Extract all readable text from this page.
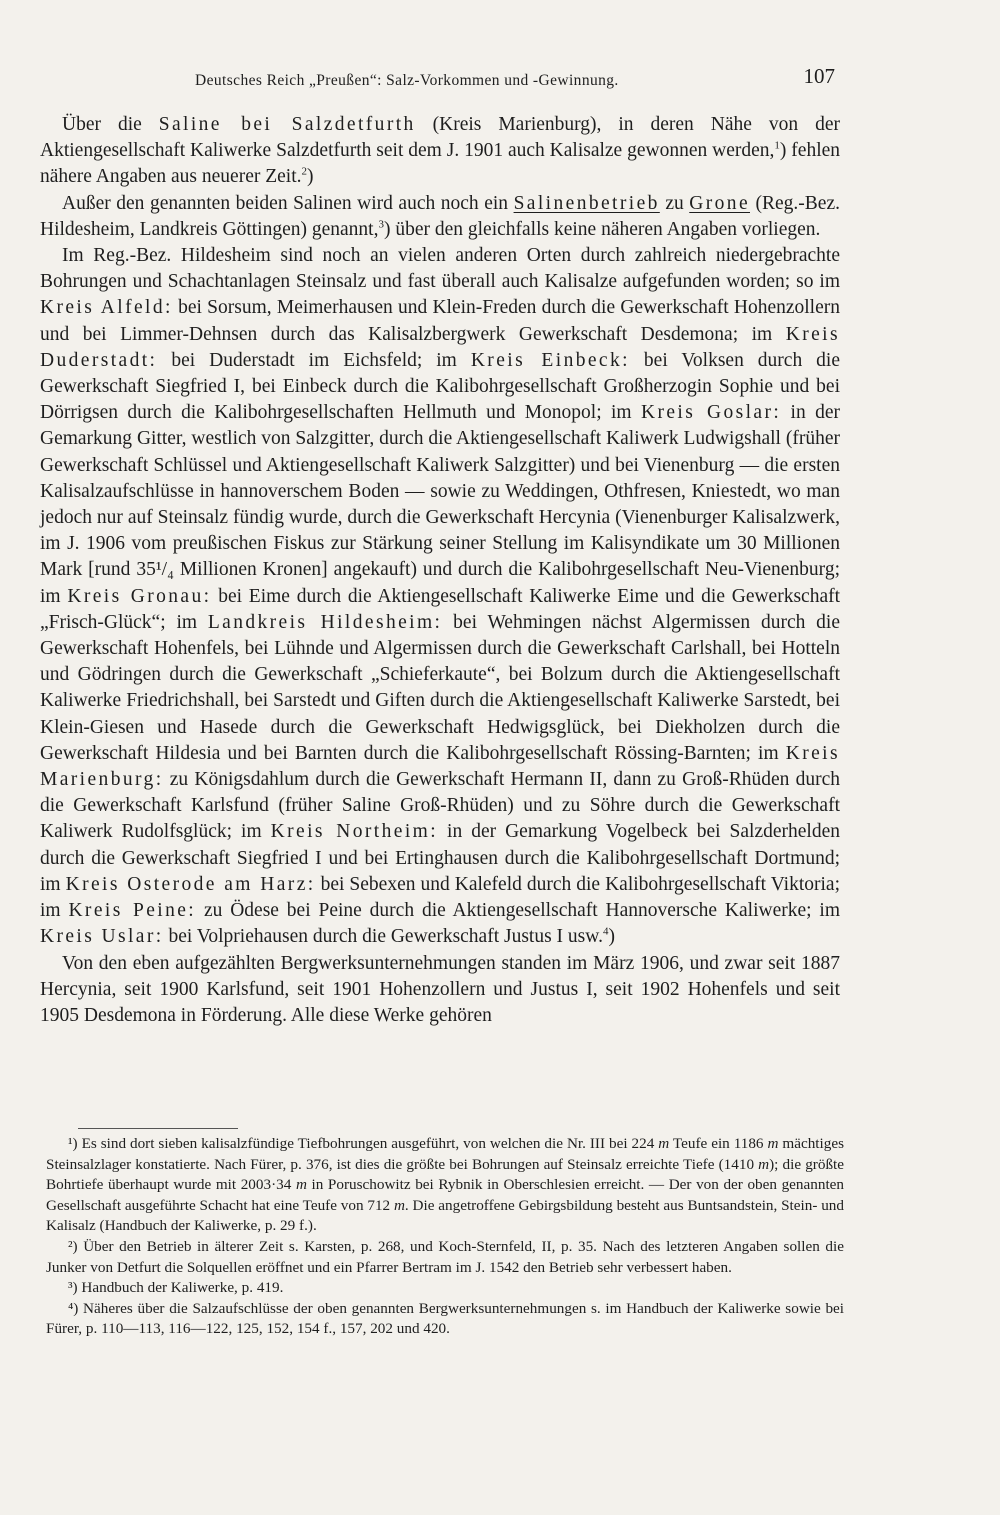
Deutsches Reich „Preußen“: Salz-Vorkommen und -Gewinnung.	107

Über die Saline bei Salzdetfurth (Kreis Marienburg), in deren Nähe von der Aktiengesellschaft Kaliwerke Salzdetfurth seit dem J. 1901 auch Kalisalze gewonnen werden,$^1$) fehlen nähere Angaben aus neuerer Zeit.$^2$)

Außer den genannten beiden Salinen wird auch noch ein Salinenbetrieb zu Grone (Reg.-Bez. Hildesheim, Landkreis Göttingen) genannt,$^3$) über den gleichfalls keine näheren Angaben vorliegen.

Im Reg.-Bez. Hildesheim sind noch an vielen anderen Orten durch zahlreich niedergebrachte Bohrungen und Schachtanlagen Steinsalz und fast überall auch Kalisalze aufgefunden worden; so im Kreis Alfeld: bei Sorsum, Meimerhausen und Klein-Freden durch die Gewerkschaft Hohenzollern und bei Limmer-Dehnsen durch das Kalisalzbergwerk Gewerkschaft Desdemona; im Kreis Duderstadt: bei Duderstadt im Eichsfeld; im Kreis Einbeck: bei Volksen durch die Gewerkschaft Siegfried I, bei Einbeck durch die Kalibohrgesellschaft Großherzogin Sophie und bei Dörrigsen durch die Kalibohrgesellschaften Hellmuth und Monopol; im Kreis Goslar: in der Gemarkung Gitter, westlich von Salzgitter, durch die Aktiengesellschaft Kaliwerk Ludwigshall (früher Gewerkschaft Schlüssel und Aktiengesellschaft Kaliwerk Salzgitter) und bei Vienenburg — die ersten Kalisalzaufschlüsse in hannoverschem Boden — sowie zu Weddingen, Othfresen, Kniestedt, wo man jedoch nur auf Steinsalz fündig wurde, durch die Gewerkschaft Hercynia (Vienenburger Kalisalzwerk, im J. 1906 vom preußischen Fiskus zur Stärkung seiner Stellung im Kalisyndikate um 30 Millionen Mark [rund 35¹/₄ Millionen Kronen] angekauft) und durch die Kalibohrgesellschaft Neu-Vienenburg; im Kreis Gronau: bei Eime durch die Aktiengesellschaft Kaliwerke Eime und die Gewerkschaft „Frisch-Glück“; im Landkreis Hildesheim: bei Wehmingen nächst Algermissen durch die Gewerkschaft Hohenfels, bei Lühnde und Algermissen durch die Gewerkschaft Carlshall, bei Hotteln und Gödringen durch die Gewerkschaft „Schieferkaute“, bei Bolzum durch die Aktiengesellschaft Kaliwerke Friedrichshall, bei Sarstedt und Giften durch die Aktiengesellschaft Kaliwerke Sarstedt, bei Klein-Giesen und Hasede durch die Gewerkschaft Hedwigsglück, bei Diekholzen durch die Gewerkschaft Hildesia und bei Barnten durch die Kalibohrgesellschaft Rössing-Barnten; im Kreis Marienburg: zu Königsdahlum durch die Gewerkschaft Hermann II, dann zu Groß-Rhüden durch die Gewerkschaft Karlsfund (früher Saline Groß-Rhüden) und zu Söhre durch die Gewerkschaft Kaliwerk Rudolfsglück; im Kreis Northeim: in der Gemarkung Vogelbeck bei Salzderhelden durch die Gewerkschaft Siegfried I und bei Ertinghausen durch die Kalibohrgesellschaft Dortmund; im Kreis Osterode am Harz: bei Sebexen und Kalefeld durch die Kalibohrgesellschaft Viktoria; im Kreis Peine: zu Ödese bei Peine durch die Aktiengesellschaft Hannoversche Kaliwerke; im Kreis Uslar: bei Volpriehausen durch die Gewerkschaft Justus I usw.$^4$)

Von den eben aufgezählten Bergwerksunternehmungen standen im März 1906, und zwar seit 1887 Hercynia, seit 1900 Karlsfund, seit 1901 Hohenzollern und Justus I, seit 1902 Hohenfels und seit 1905 Desdemona in Förderung. Alle diese Werke gehören

¹) Es sind dort sieben kalisalzfündige Tiefbohrungen ausgeführt, von welchen die Nr. III bei 224 m Teufe ein 1186 m mächtiges Steinsalzlager konstatierte. Nach Fürer, p. 376, ist dies die größte bei Bohrungen auf Steinsalz erreichte Tiefe (1410 m); die größte Bohrtiefe überhaupt wurde mit 2003·34 m in Poruschowitz bei Rybnik in Oberschlesien erreicht. — Der von der oben genannten Gesellschaft ausgeführte Schacht hat eine Teufe von 712 m. Die angetroffene Gebirgsbildung besteht aus Buntsandstein, Stein- und Kalisalz (Handbuch der Kaliwerke, p. 29 f.).

²) Über den Betrieb in älterer Zeit s. Karsten, p. 268, und Koch-Sternfeld, II, p. 35. Nach des letzteren Angaben sollen die Junker von Detfurt die Solquellen eröffnet und ein Pfarrer Bertram im J. 1542 den Betrieb sehr verbessert haben.

³) Handbuch der Kaliwerke, p. 419.

⁴) Näheres über die Salzaufschlüsse der oben genannten Bergwerksunternehmungen s. im Handbuch der Kaliwerke sowie bei Fürer, p. 110—113, 116—122, 125, 152, 154 f., 157, 202 und 420.
